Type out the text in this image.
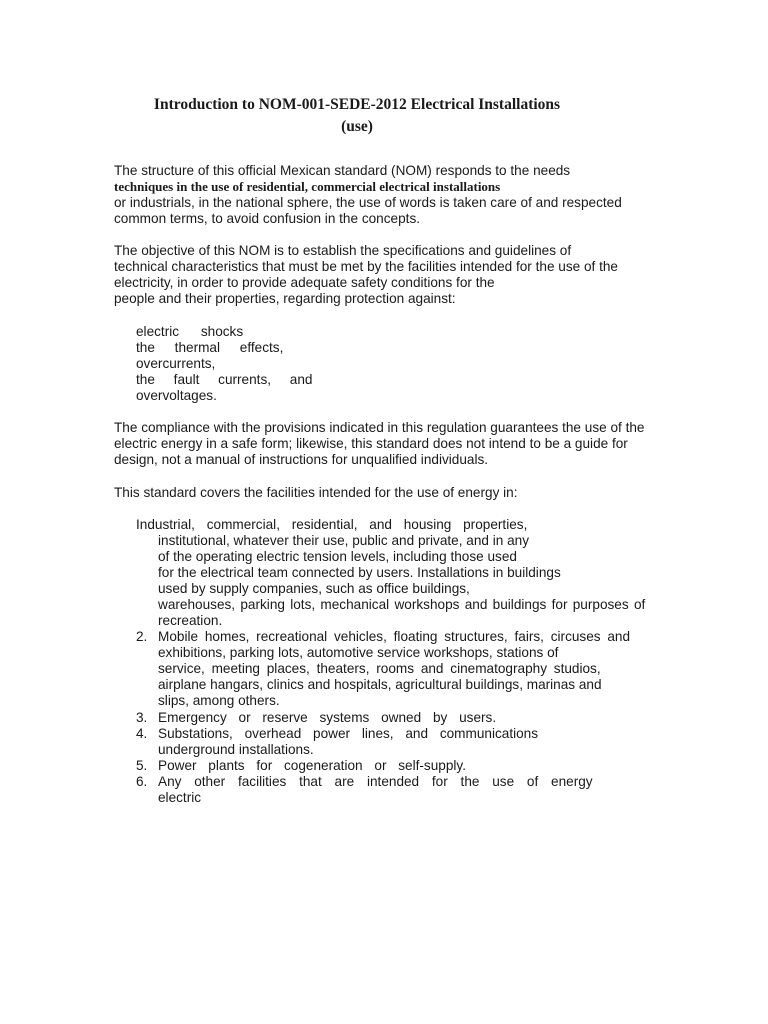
Introduction to NOM-001-SEDE-2012 Electrical Installations
(use)
The structure of this official Mexican standard (NOM) responds to the needs
techniques in the use of residential, commercial electrical installations
or industrials, in the national sphere, the use of words is taken care of and respected
common terms, to avoid confusion in the concepts.
The objective of this NOM is to establish the specifications and guidelines of
technical characteristics that must be met by the facilities intended for the use of the
electricity, in order to provide adequate safety conditions for the
people and their properties, regarding protection against:
electric shocks
the thermal effects,
overcurrents,
the fault currents, and
overvoltages.
The compliance with the provisions indicated in this regulation guarantees the use of the
electric energy in a safe form; likewise, this standard does not intend to be a guide for
design, not a manual of instructions for unqualified individuals.
This standard covers the facilities intended for the use of energy in:
Industrial, commercial, residential, and housing properties,
institutional, whatever their use, public and private, and in any
of the operating electric tension levels, including those used
for the electrical team connected by users. Installations in buildings
used by supply companies, such as office buildings,
warehouses, parking lots, mechanical workshops and buildings for purposes of
recreation.
2. Mobile homes, recreational vehicles, floating structures, fairs, circuses and
exhibitions, parking lots, automotive service workshops, stations of
service, meeting places, theaters, rooms and cinematography studios,
airplane hangars, clinics and hospitals, agricultural buildings, marinas and
slips, among others.
3. Emergency or reserve systems owned by users.
4. Substations, overhead power lines, and communications
underground installations.
5. Power plants for cogeneration or self-supply.
6. Any other facilities that are intended for the use of energy
electric
